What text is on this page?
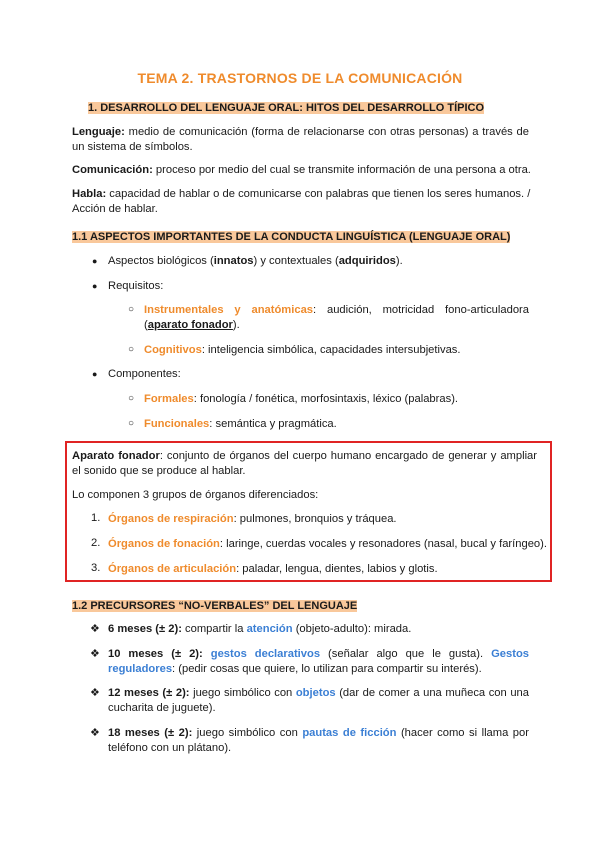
TEMA 2. TRASTORNOS DE LA COMUNICACIÓN
1. DESARROLLO DEL LENGUAJE ORAL: HITOS DEL DESARROLLO TÍPICO
Lenguaje: medio de comunicación (forma de relacionarse con otras personas) a través de un sistema de símbolos.
Comunicación: proceso por medio del cual se transmite información de una persona a otra.
Habla: capacidad de hablar o de comunicarse con palabras que tienen los seres humanos. / Acción de hablar.
1.1 ASPECTOS IMPORTANTES DE LA CONDUCTA LINGUÍSTICA (LENGUAJE ORAL)
● Aspectos biológicos (innatos) y contextuales (adquiridos).
● Requisitos:
○ Instrumentales y anatómicas: audición, motricidad fono-articuladora (aparato fonador).
○ Cognitivos: inteligencia simbólica, capacidades intersubjetivas.
● Componentes:
○ Formales: fonología / fonética, morfosintaxis, léxico (palabras).
○ Funcionales: semántica y pragmática.
Aparato fonador: conjunto de órganos del cuerpo humano encargado de generar y ampliar el sonido que se produce al hablar.
Lo componen 3 grupos de órganos diferenciados:
1. Órganos de respiración: pulmones, bronquios y tráquea.
2. Órganos de fonación: laringe, cuerdas vocales y resonadores (nasal, bucal y faríngeo).
3. Órganos de articulación: paladar, lengua, dientes, labios y glotis.
1.2 PRECURSORES “NO-VERBALES” DEL LENGUAJE
❖ 6 meses (± 2): compartir la atención (objeto-adulto): mirada.
❖ 10 meses (± 2): gestos declarativos (señalar algo que le gusta). Gestos reguladores: (pedir cosas que quiere, lo utilizan para compartir su interés).
❖ 12 meses (± 2): juego simbólico con objetos (dar de comer a una muñeca con una cucharita de juguete).
❖ 18 meses (± 2): juego simbólico con pautas de ficción (hacer como si llama por teléfono con un plátano).
